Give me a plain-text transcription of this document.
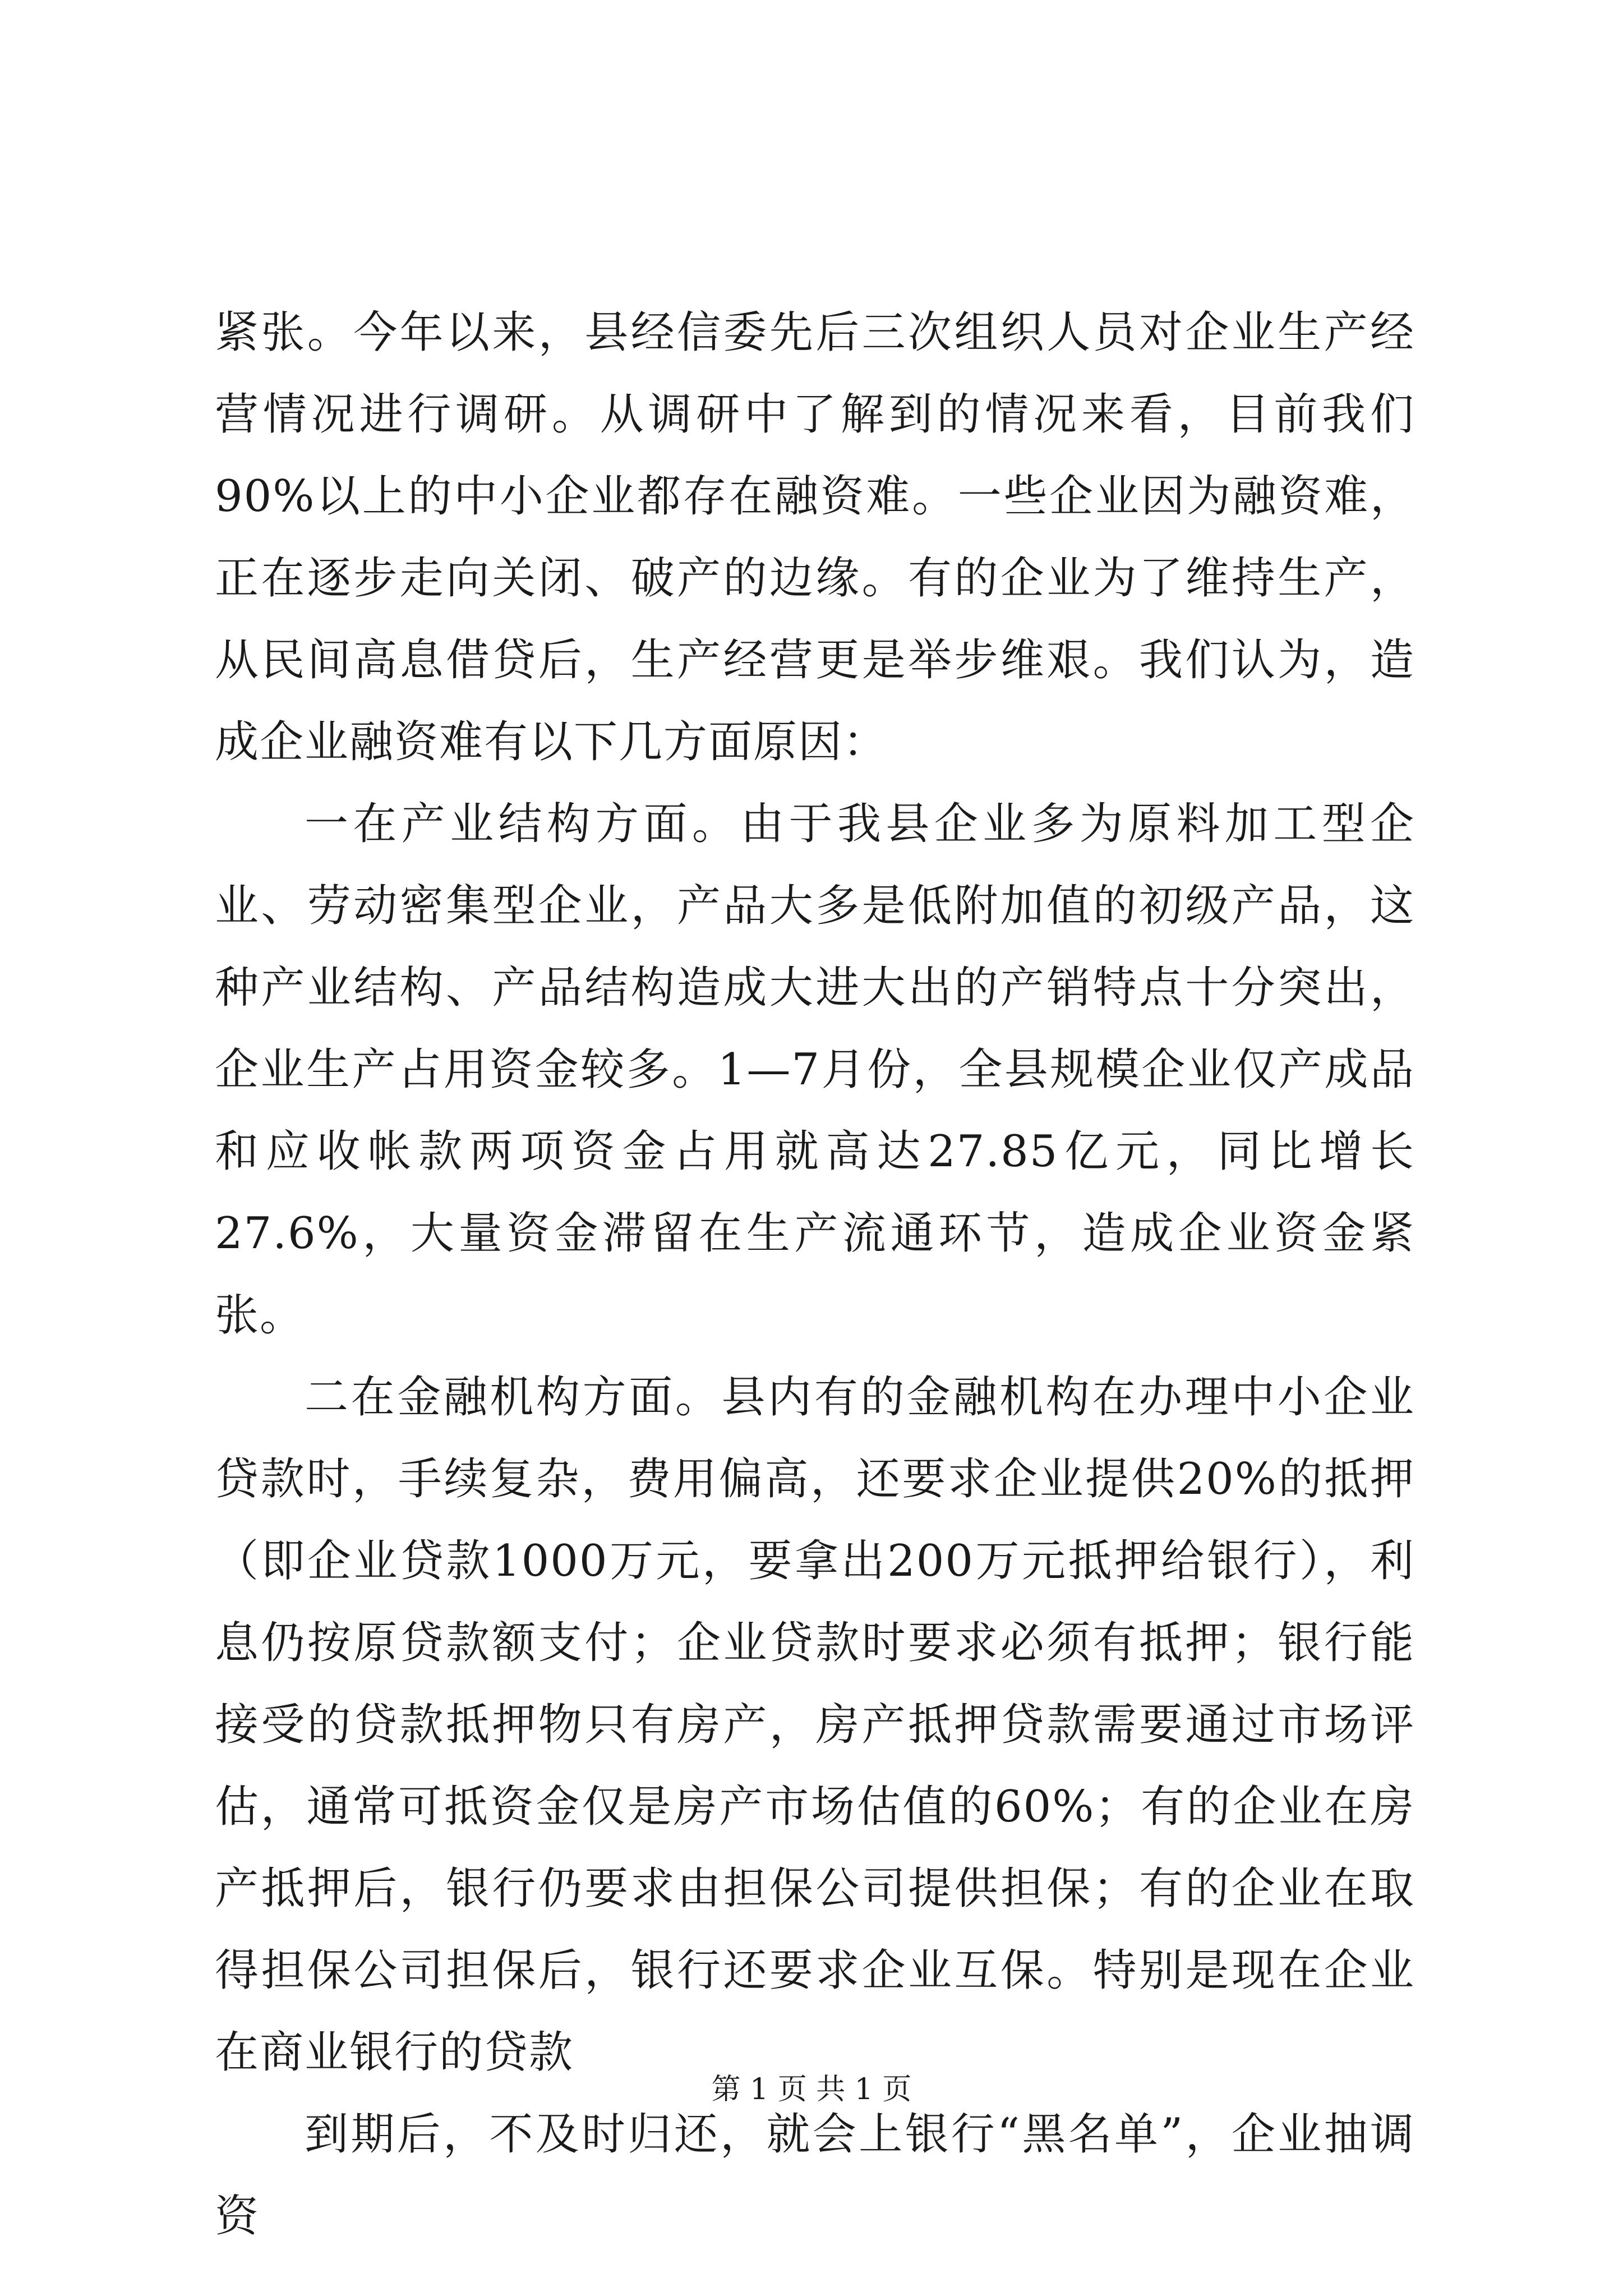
紧张。今年以来，县经信委先后三次组织人员对企业生产经营情况进行调研。从调研中了解到的情况来看，目前我们90%以上的中小企业都存在融资难。一些企业因为融资难，正在逐步走向关闭、破产的边缘。有的企业为了维持生产，从民间高息借贷后，生产经营更是举步维艰。我们认为，造成企业融资难有以下几方面原因：

一在产业结构方面。由于我县企业多为原料加工型企业、劳动密集型企业，产品大多是低附加值的初级产品，这种产业结构、产品结构造成大进大出的产销特点十分突出，企业生产占用资金较多。1—7月份，全县规模企业仅产成品和应收帐款两项资金占用就高达27.85亿元，同比增长27.6%，大量资金滞留在生产流通环节，造成企业资金紧张。

二在金融机构方面。县内有的金融机构在办理中小企业贷款时，手续复杂，费用偏高，还要求企业提供20%的抵押（即企业贷款1000万元，要拿出200万元抵押给银行），利息仍按原贷款额支付；企业贷款时要求必须有抵押；银行能接受的贷款抵押物只有房产，房产抵押贷款需要通过市场评估，通常可抵资金仅是房产市场估值的60%；有的企业在房产抵押后，银行仍要求由担保公司提供担保；有的企业在取得担保公司担保后，银行还要求企业互保。特别是现在企业在商业银行的贷款

到期后，不及时归还，就会上银行“黑名单”，企业抽调资

第 1 页 共 1 页
